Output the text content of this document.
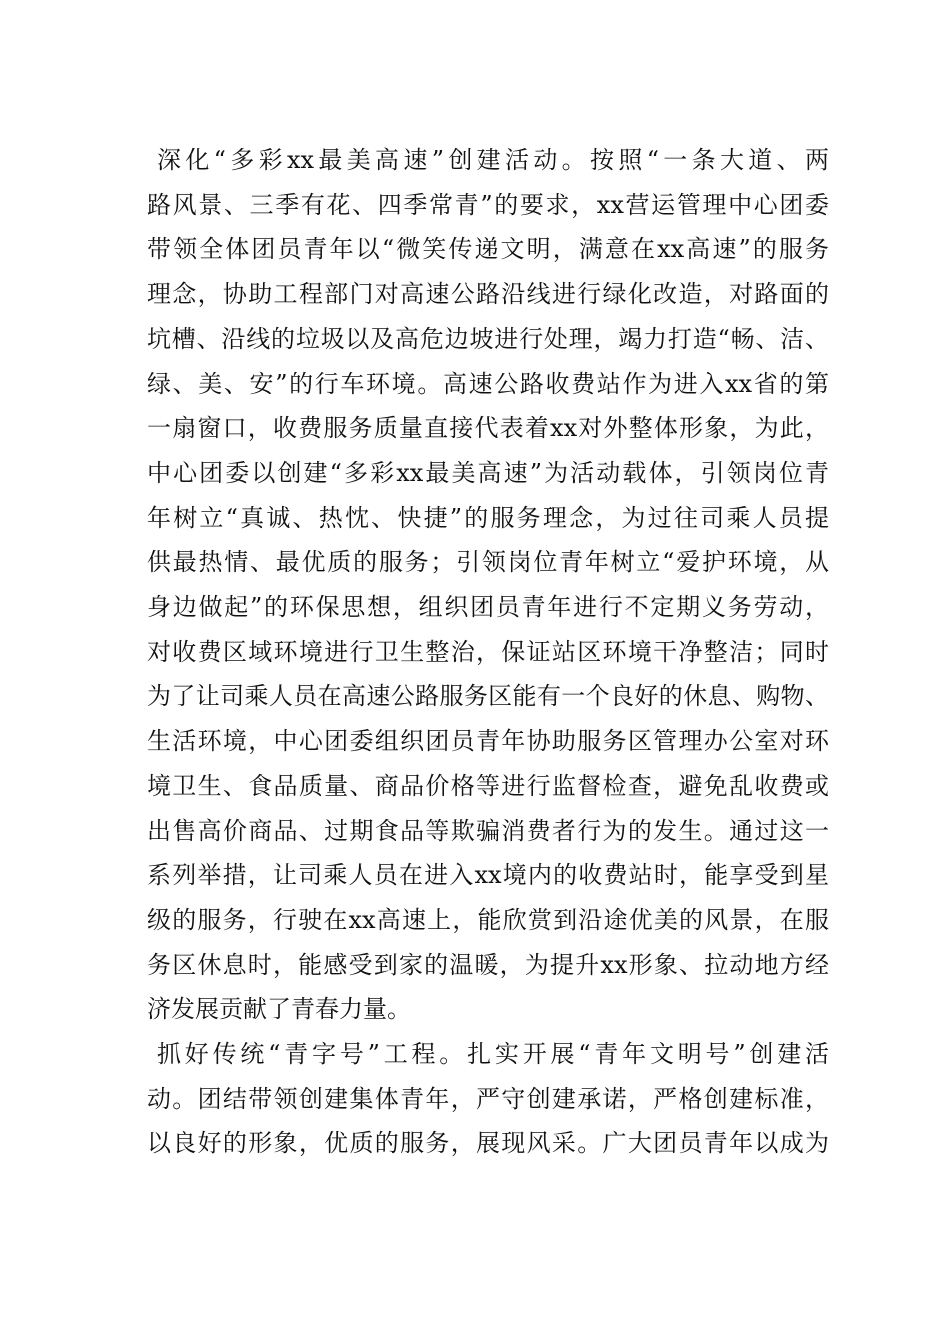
深化“多彩xx最美高速”创建活动。按照“一条大道、两
路风景、三季有花、四季常青”的要求，xx营运管理中心团委
带领全体团员青年以“微笑传递文明，满意在xx高速”的服务
理念，协助工程部门对高速公路沿线进行绿化改造，对路面的
坑槽、沿线的垃圾以及高危边坡进行处理，竭力打造“畅、洁、
绿、美、安”的行车环境。高速公路收费站作为进入xx省的第
一扇窗口，收费服务质量直接代表着xx对外整体形象，为此，
中心团委以创建“多彩xx最美高速”为活动载体，引领岗位青
年树立“真诚、热忱、快捷”的服务理念，为过往司乘人员提
供最热情、最优质的服务；引领岗位青年树立“爱护环境，从
身边做起”的环保思想，组织团员青年进行不定期义务劳动，
对收费区域环境进行卫生整治，保证站区环境干净整洁；同时
为了让司乘人员在高速公路服务区能有一个良好的休息、购物、
生活环境，中心团委组织团员青年协助服务区管理办公室对环
境卫生、食品质量、商品价格等进行监督检查，避免乱收费或
出售高价商品、过期食品等欺骗消费者行为的发生。通过这一
系列举措，让司乘人员在进入xx境内的收费站时，能享受到星
级的服务，行驶在xx高速上，能欣赏到沿途优美的风景，在服
务区休息时，能感受到家的温暖，为提升xx形象、拉动地方经
济发展贡献了青春力量。
抓好传统“青字号”工程。扎实开展“青年文明号”创建活
动。团结带领创建集体青年，严守创建承诺，严格创建标准，
以良好的形象，优质的服务，展现风采。广大团员青年以成为
